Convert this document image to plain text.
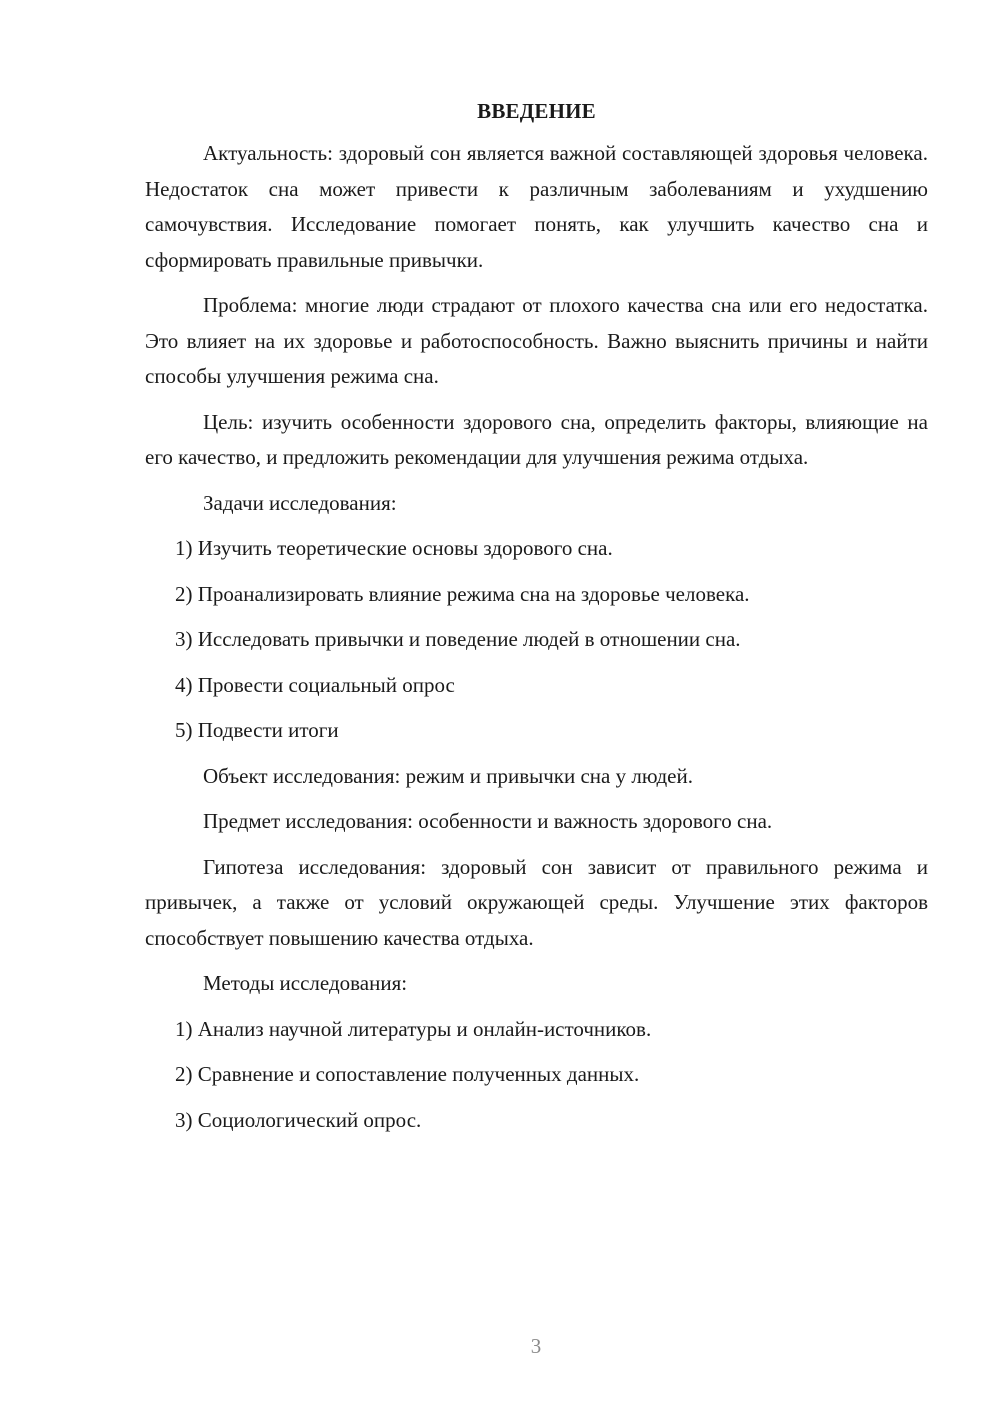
ВВЕДЕНИЕ

Актуальность: здоровый сон является важной составляющей здоровья человека. Недостаток сна может привести к различным заболеваниям и ухудшению самочувствия. Исследование помогает понять, как улучшить качество сна и сформировать правильные привычки.

Проблема: многие люди страдают от плохого качества сна или его недостатка. Это влияет на их здоровье и работоспособность. Важно выяснить причины и найти способы улучшения режима сна.

Цель: изучить особенности здорового сна, определить факторы, влияющие на его качество, и предложить рекомендации для улучшения режима отдыха.

Задачи исследования:

1) Изучить теоретические основы здорового сна.

2) Проанализировать влияние режима сна на здоровье человека.

3) Исследовать привычки и поведение людей в отношении сна.

4) Провести социальный опрос

5) Подвести итоги

Объект исследования: режим и привычки сна у людей.

Предмет исследования: особенности и важность здорового сна.

Гипотеза исследования: здоровый сон зависит от правильного режима и привычек, а также от условий окружающей среды. Улучшение этих факторов способствует повышению качества отдыха.

Методы исследования:

1) Анализ научной литературы и онлайн-источников.

2) Сравнение и сопоставление полученных данных.

3) Социологический опрос.

3
